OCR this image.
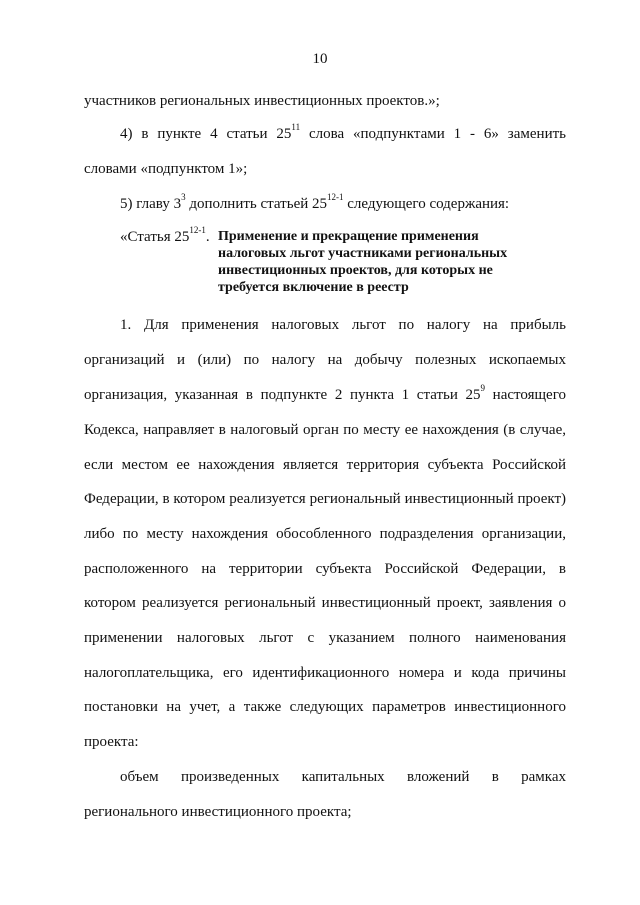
10
участников региональных инвестиционных проектов.»;
4) в пункте 4 статьи $25^{11}$ слова «подпунктами 1 - 6» заменить
словами «подпунктом 1»;
5) главу $3^3$ дополнить статьей 25$^{12-1}$ следующего содержания:
«Статья 25$^{12-1}$. Применение и прекращение применения налоговых льгот участниками региональных инвестиционных проектов, для которых не требуется включение в реестр
1. Для применения налоговых льгот по налогу на прибыль
организаций и (или) по налогу на добычу полезных ископаемых
организация, указанная в подпункте 2 пункта 1 статьи $25^9$ настоящего
Кодекса, направляет в налоговый орган по месту ее нахождения (в случае,
если местом ее нахождения является территория субъекта Российской
Федерации, в котором реализуется региональный инвестиционный проект)
либо по месту нахождения обособленного подразделения организации,
расположенного на территории субъекта Российской Федерации, в
котором реализуется региональный инвестиционный проект, заявления о
применении налоговых льгот с указанием полного наименования
налогоплательщика, его идентификационного номера и кода причины
постановки на учет, а также следующих параметров инвестиционного
проекта:
объем произведенных капитальных вложений в рамках
регионального инвестиционного проекта;
